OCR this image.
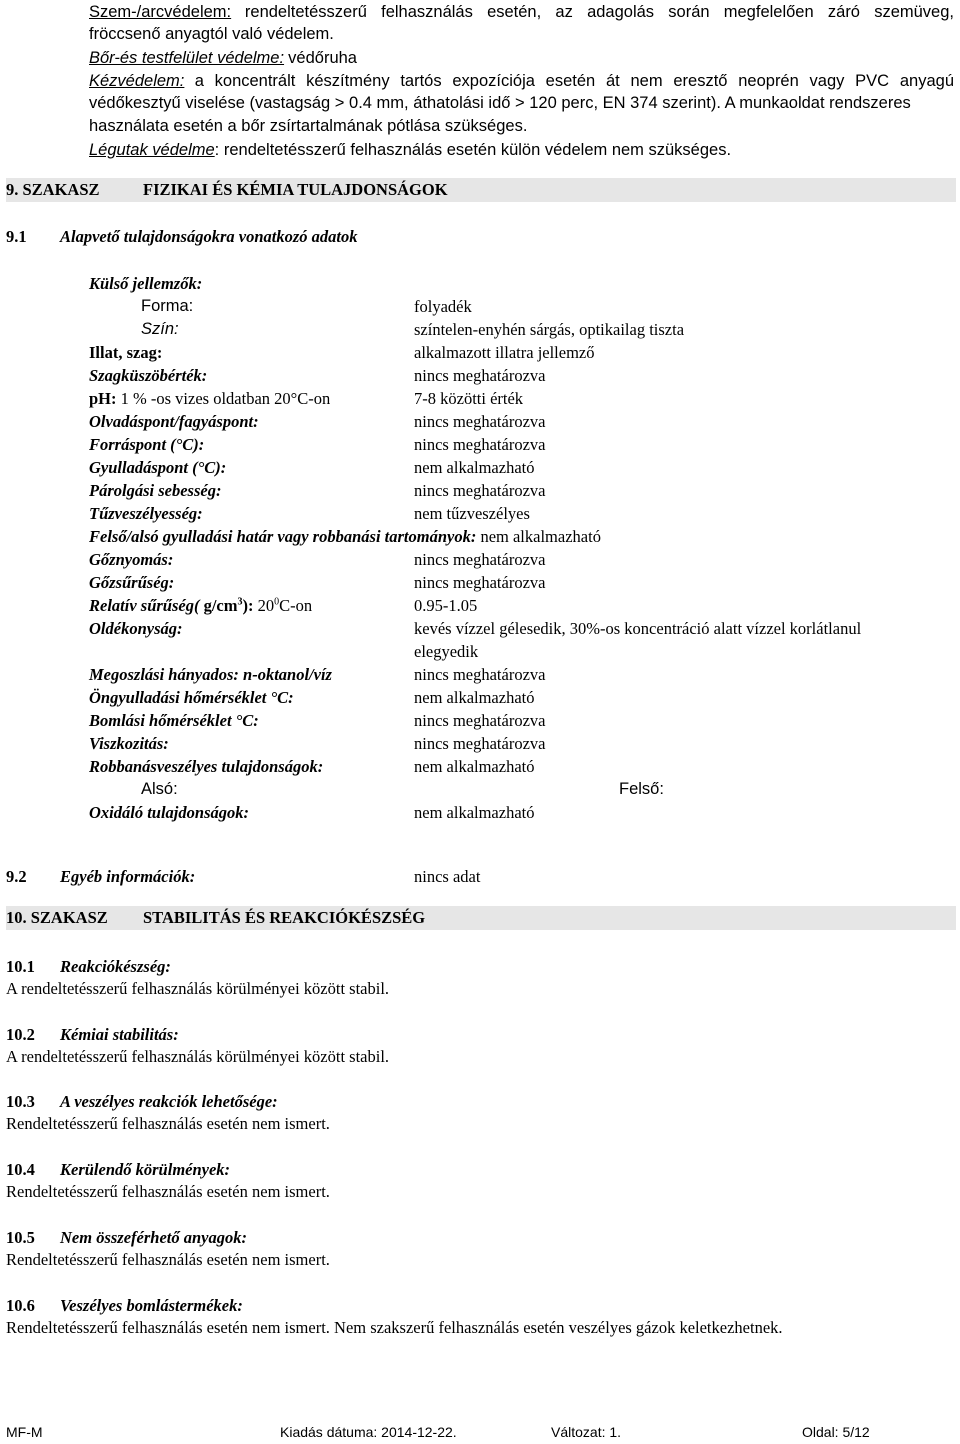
Szem-/arcvédelem: rendeltetésszerű felhasználás esetén, az adagolás során megfelelően záró szemüveg,
fröccsenő anyagtól való védelem.
Bőr-és testfelület védelme: védőruha
Kézvédelem: a koncentrált készítmény tartós expozíciója esetén át nem eresztő neoprén vagy PVC anyagú
védőkesztyű viselése (vastagság > 0.4 mm, áthatolási idő > 120 perc, EN 374 szerint). A munkaoldat rendszeres
használata esetén a bőr zsírtartalmának pótlása szükséges.
Légutak védelme: rendeltetésszerű felhasználás esetén külön védelem nem szükséges.
9. SZAKASZ	FIZIKAI ÉS KÉMIA TULAJDONSÁGOK
9.1 Alapvető tulajdonságokra vonatkozó adatok
Külső jellemzők:
Forma:	folyadék
Szín:	színtelen-enyhén sárgás, optikailag tiszta
Illat, szag:	alkalmazott illatra jellemző
Szagküszöbérték:	nincs meghatározva
pH: 1 % -os vizes oldatban 20°C-on	7-8 közötti érték
Olvadáspont/fagyáspont:	nincs meghatározva
Forráspont (°C):	nincs meghatározva
Gyulladáspont (°C):	nem alkalmazható
Párolgási sebesség:	nincs meghatározva
Tűzveszélyesség:	nem tűzveszélyes
Felső/alsó gyulladási határ vagy robbanási tartományok: nem alkalmazható
Gőznyomás:	nincs meghatározva
Gőzsűrűség:	nincs meghatározva
Relatív sűrűség( $g/cm^3$): $20^0C-on$	0.95-1.05
Oldékonyság:	kevés vízzel gélesedik, 30%-os koncentráció alatt vízzel korlátlanul
elegyedik
Megoszlási hányados: n-oktanol/víz	nincs meghatározva
Öngyulladási hőmérséklet °C:	nem alkalmazható
Bomlási hőmérséklet °C:	nincs meghatározva
Viszkozitás:	nincs meghatározva
Robbanásveszélyes tulajdonságok:	nem alkalmazható
Alsó:	Felső:
Oxidáló tulajdonságok:	nem alkalmazható
9.2 Egyéb információk:	nincs adat
10. SZAKASZ STABILITÁS ÉS REAKCIÓKÉSZSÉG
10.1 Reakciókészség:
A rendeltetésszerű felhasználás körülményei között stabil.
10.2 Kémiai stabilitás:
A rendeltetésszerű felhasználás körülményei között stabil.
10.3 A veszélyes reakciók lehetősége:
Rendeltetésszerű felhasználás esetén nem ismert.
10.4 Kerülendő körülmények:
Rendeltetésszerű felhasználás esetén nem ismert.
10.5 Nem összeférhető anyagok:
Rendeltetésszerű felhasználás esetén nem ismert.
10.6 Veszélyes bomlástermékek:
Rendeltetésszerű felhasználás esetén nem ismert. Nem szakszerű felhasználás esetén veszélyes gázok keletkezhetnek.
MF-M	Kiadás dátuma: 2014-12-22.	Változat: 1.	Oldal: 5/12
